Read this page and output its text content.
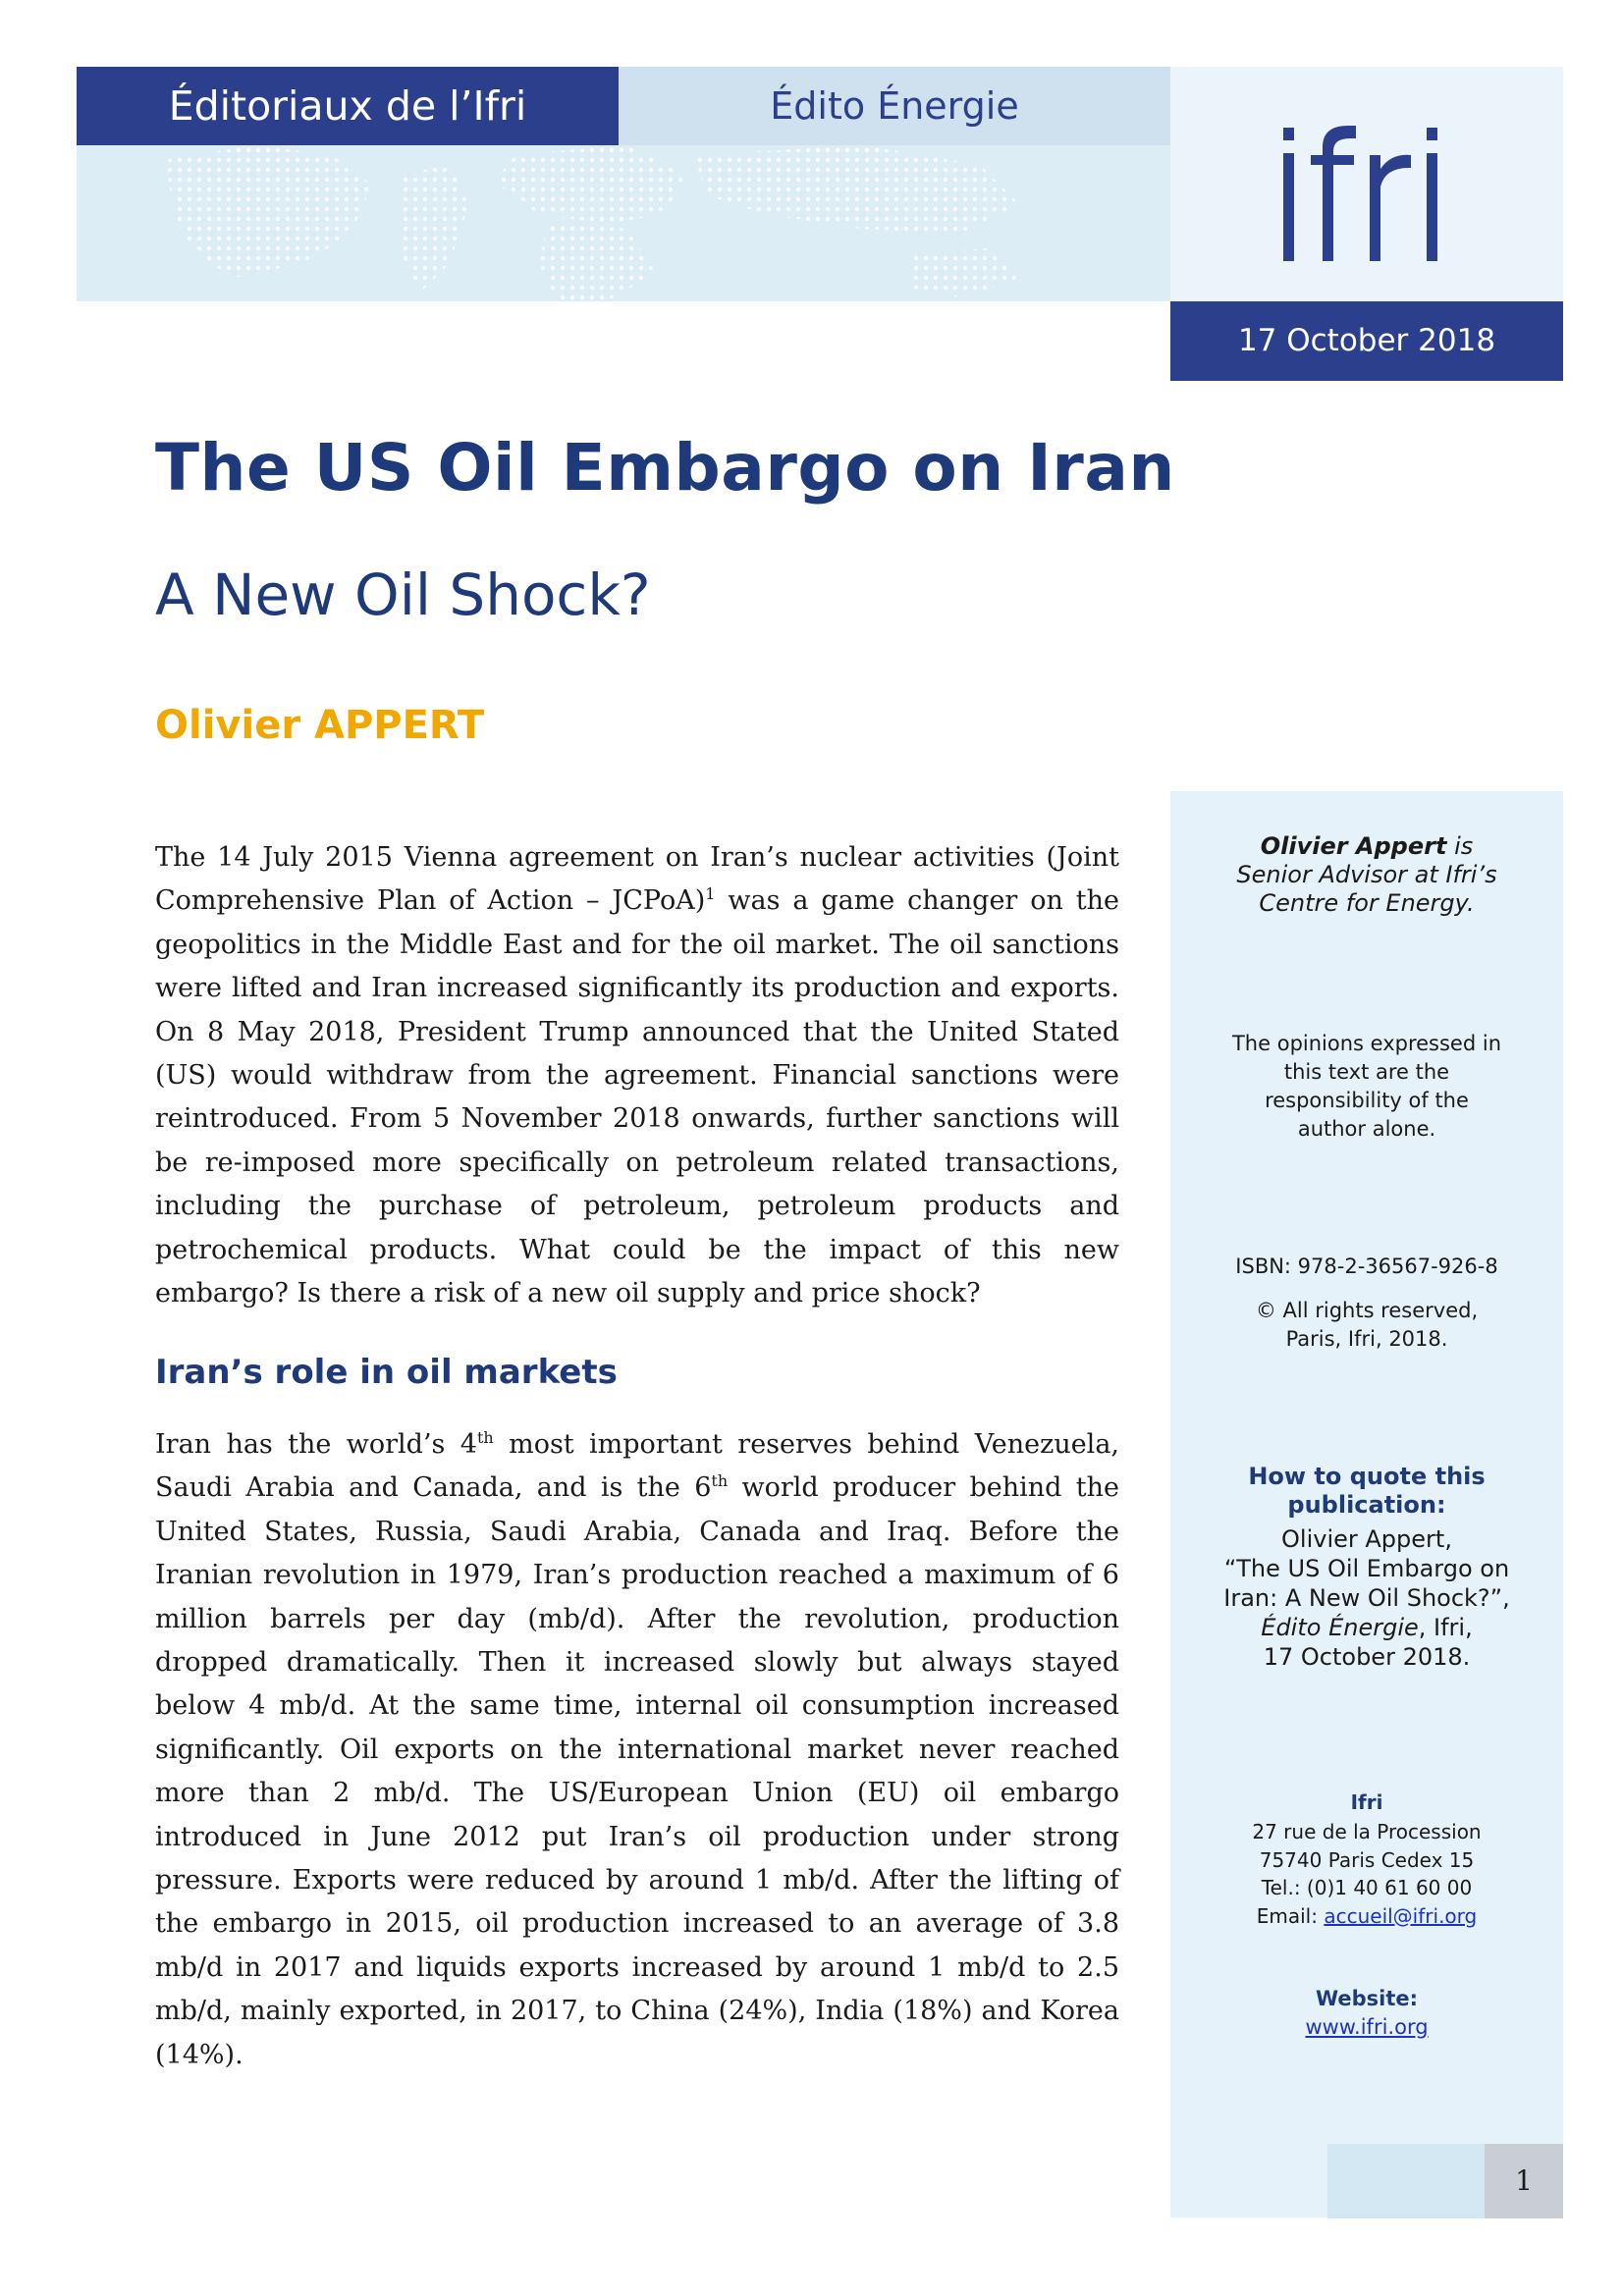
Éditoriaux de l’Ifri	Édito Énergie
17 October 2018
The US Oil Embargo on Iran
A New Oil Shock?
Olivier APPERT

The 14 July 2015 Vienna agreement on Iran’s nuclear activities (Joint Comprehensive Plan of Action – JCPoA)$^1$ was a game changer on the geopolitics in the Middle East and for the oil market. The oil sanctions were lifted and Iran increased significantly its production and exports. On 8 May 2018, President Trump announced that the United Stated (US) would withdraw from the agreement. Financial sanctions were reintroduced. From 5 November 2018 onwards, further sanctions will be re-imposed more specifically on petroleum related transactions, including the purchase of petroleum, petroleum products and petrochemical products. What could be the impact of this new embargo? Is there a risk of a new oil supply and price shock?

Iran’s role in oil markets

Iran has the world’s 4th most important reserves behind Venezuela, Saudi Arabia and Canada, and is the 6th world producer behind the United States, Russia, Saudi Arabia, Canada and Iraq. Before the Iranian revolution in 1979, Iran’s production reached a maximum of 6 million barrels per day (mb/d). After the revolution, production dropped dramatically. Then it increased slowly but always stayed below 4 mb/d. At the same time, internal oil consumption increased significantly. Oil exports on the international market never reached more than 2 mb/d. The US/European Union (EU) oil embargo introduced in June 2012 put Iran’s oil production under strong pressure. Exports were reduced by around 1 mb/d. After the lifting of the embargo in 2015, oil production increased to an average of 3.8 mb/d in 2017 and liquids exports increased by around 1 mb/d to 2.5 mb/d, mainly exported, in 2017, to China (24%), India (18%) and Korea (14%).

Olivier Appert is
Senior Advisor at Ifri’s
Centre for Energy.
The opinions expressed in
this text are the
responsibility of the
author alone.
ISBN: 978-2-36567-926-8
© All rights reserved,
Paris, Ifri, 2018.
How to quote this
publication:
Olivier Appert,
“The US Oil Embargo on
Iran: A New Oil Shock?”,
Édito Énergie, Ifri,
17 October 2018.
Ifri
27 rue de la Procession
75740 Paris Cedex 15
Tel.: (0)1 40 61 60 00
Email: accueil@ifri.org
Website:
www.ifri.org
1
